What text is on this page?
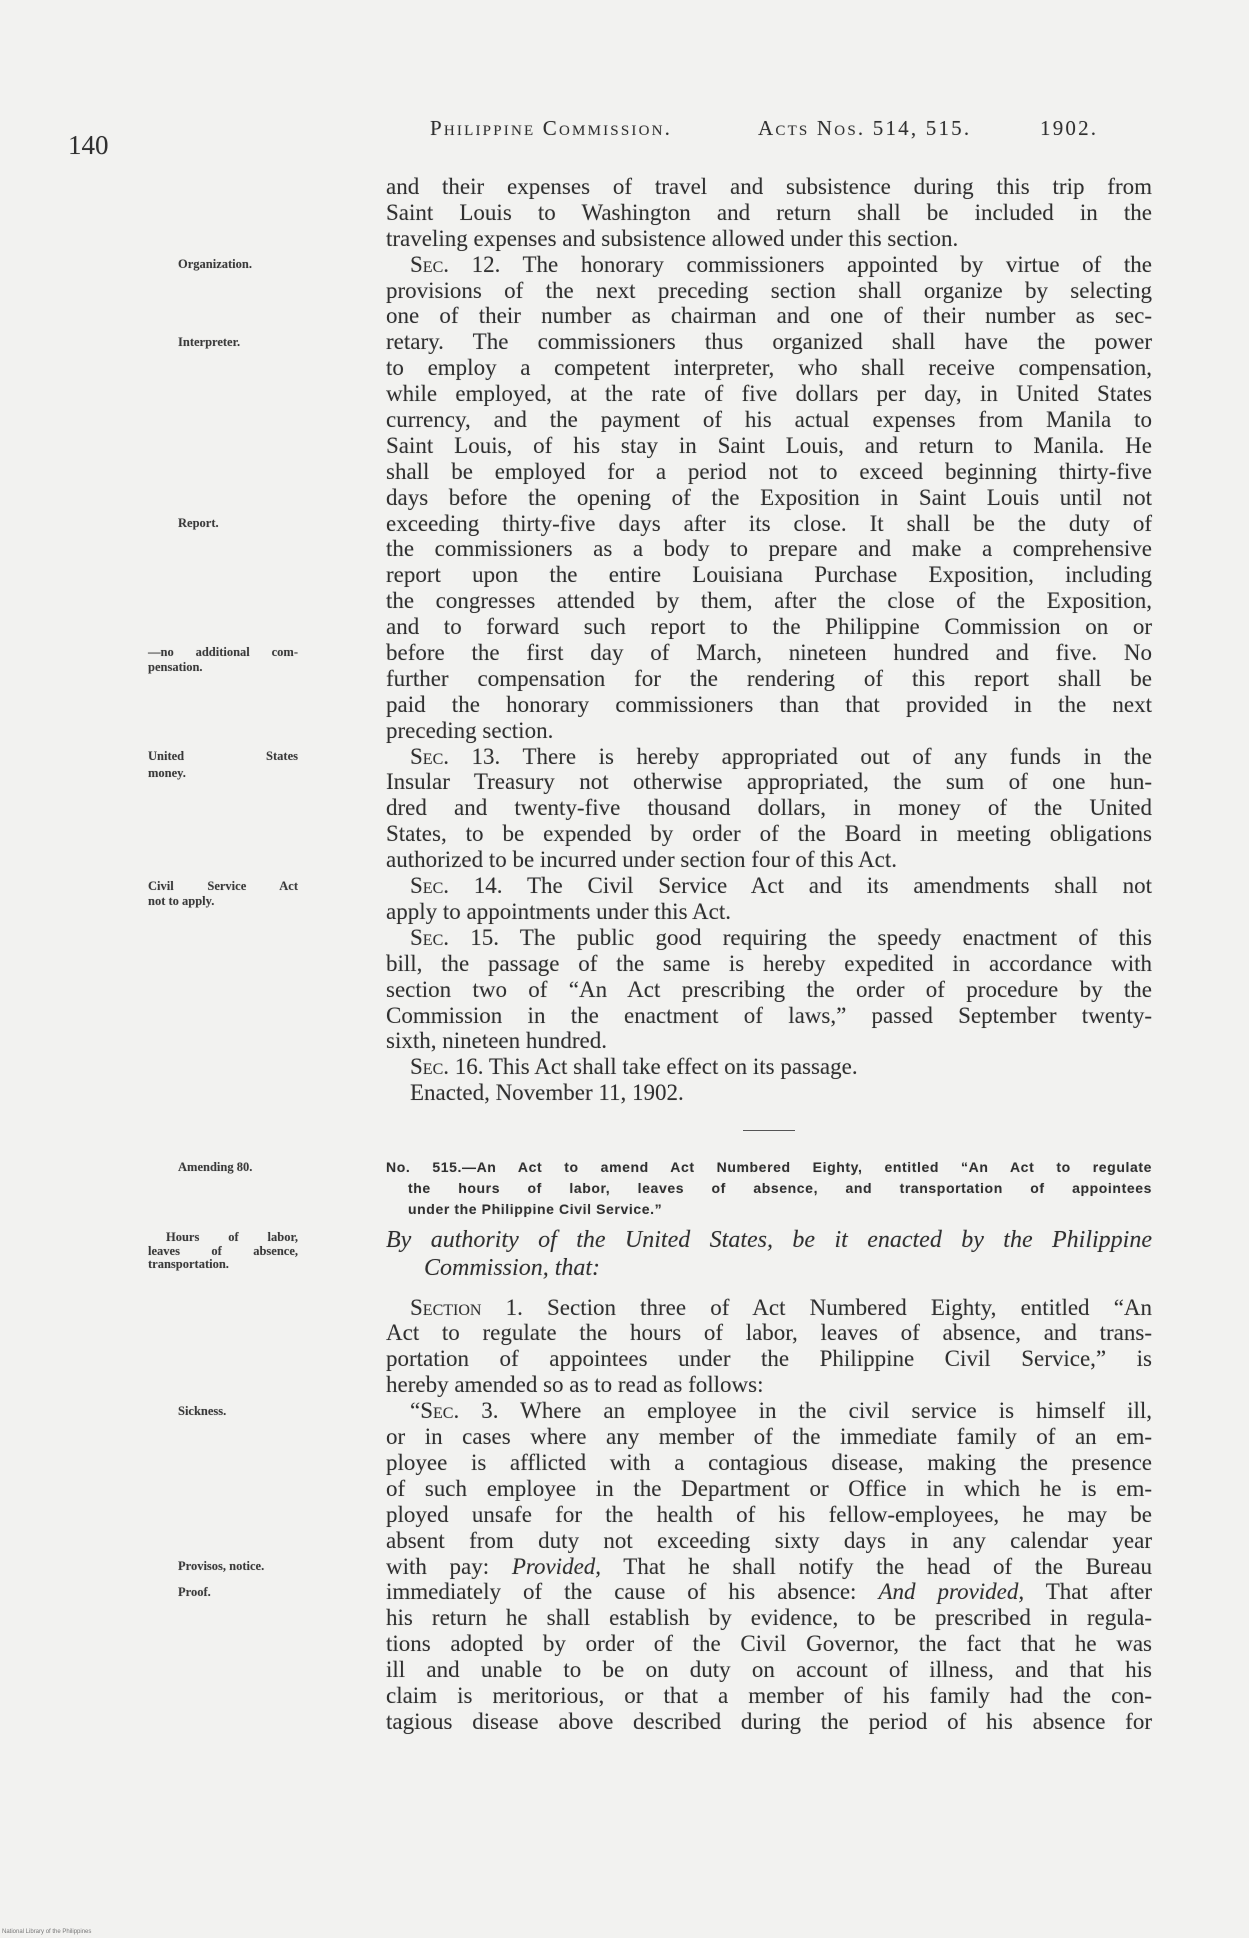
140
Philippine Commission.	Acts Nos. 514, 515.	1902.
and their expenses of travel and subsistence during this trip from
Saint Louis to Washington and return shall be included in the
traveling expenses and subsistence allowed under this section.
Sec. 12. The honorary commissioners appointed by virtue of the
provisions of the next preceding section shall organize by selecting
one of their number as chairman and one of their number as sec-
retary. The commissioners thus organized shall have the power
to employ a competent interpreter, who shall receive compensation,
while employed, at the rate of five dollars per day, in United States
currency, and the payment of his actual expenses from Manila to
Saint Louis, of his stay in Saint Louis, and return to Manila. He
shall be employed for a period not to exceed beginning thirty-five
days before the opening of the Exposition in Saint Louis until not
exceeding thirty-five days after its close. It shall be the duty of
the commissioners as a body to prepare and make a comprehensive
report upon the entire Louisiana Purchase Exposition, including
the congresses attended by them, after the close of the Exposition,
and to forward such report to the Philippine Commission on or
before the first day of March, nineteen hundred and five. No
further compensation for the rendering of this report shall be
paid the honorary commissioners than that provided in the next
preceding section.
Sec. 13. There is hereby appropriated out of any funds in the
Insular Treasury not otherwise appropriated, the sum of one hun-
dred and twenty-five thousand dollars, in money of the United
States, to be expended by order of the Board in meeting obligations
authorized to be incurred under section four of this Act.
Sec. 14. The Civil Service Act and its amendments shall not
apply to appointments under this Act.
Sec. 15. The public good requiring the speedy enactment of this
bill, the passage of the same is hereby expedited in accordance with
section two of “An Act prescribing the order of procedure by the
Commission in the enactment of laws,” passed September twenty-
sixth, nineteen hundred.
Sec. 16. This Act shall take effect on its passage.
Enacted, November 11, 1902.
No. 515.—An Act to amend Act Numbered Eighty, entitled “An Act to regulate
the hours of labor, leaves of absence, and transportation of appointees
under the Philippine Civil Service.”
By authority of the United States, be it enacted by the Philippine
Commission, that:
Section 1. Section three of Act Numbered Eighty, entitled “An
Act to regulate the hours of labor, leaves of absence, and trans-
portation of appointees under the Philippine Civil Service,” is
hereby amended so as to read as follows:
“Sec. 3. Where an employee in the civil service is himself ill,
or in cases where any member of the immediate family of an em-
ployee is afflicted with a contagious disease, making the presence
of such employee in the Department or Office in which he is em-
ployed unsafe for the health of his fellow-employees, he may be
absent from duty not exceeding sixty days in any calendar year
with pay: Provided, That he shall notify the head of the Bureau
immediately of the cause of his absence: And provided, That after
his return he shall establish by evidence, to be prescribed in regula-
tions adopted by order of the Civil Governor, the fact that he was
ill and unable to be on duty on account of illness, and that his
claim is meritorious, or that a member of his family had the con-
tagious disease above described during the period of his absence for
Organization.
Interpreter.
Report.
—no additional com-
pensation.
United States
money.
Civil Service Act
not to apply.
Amending 80.
Hours of labor,
leaves of absence,
transportation.
Sickness.
Provisos, notice.
Proof.
National Library of the Philippines
